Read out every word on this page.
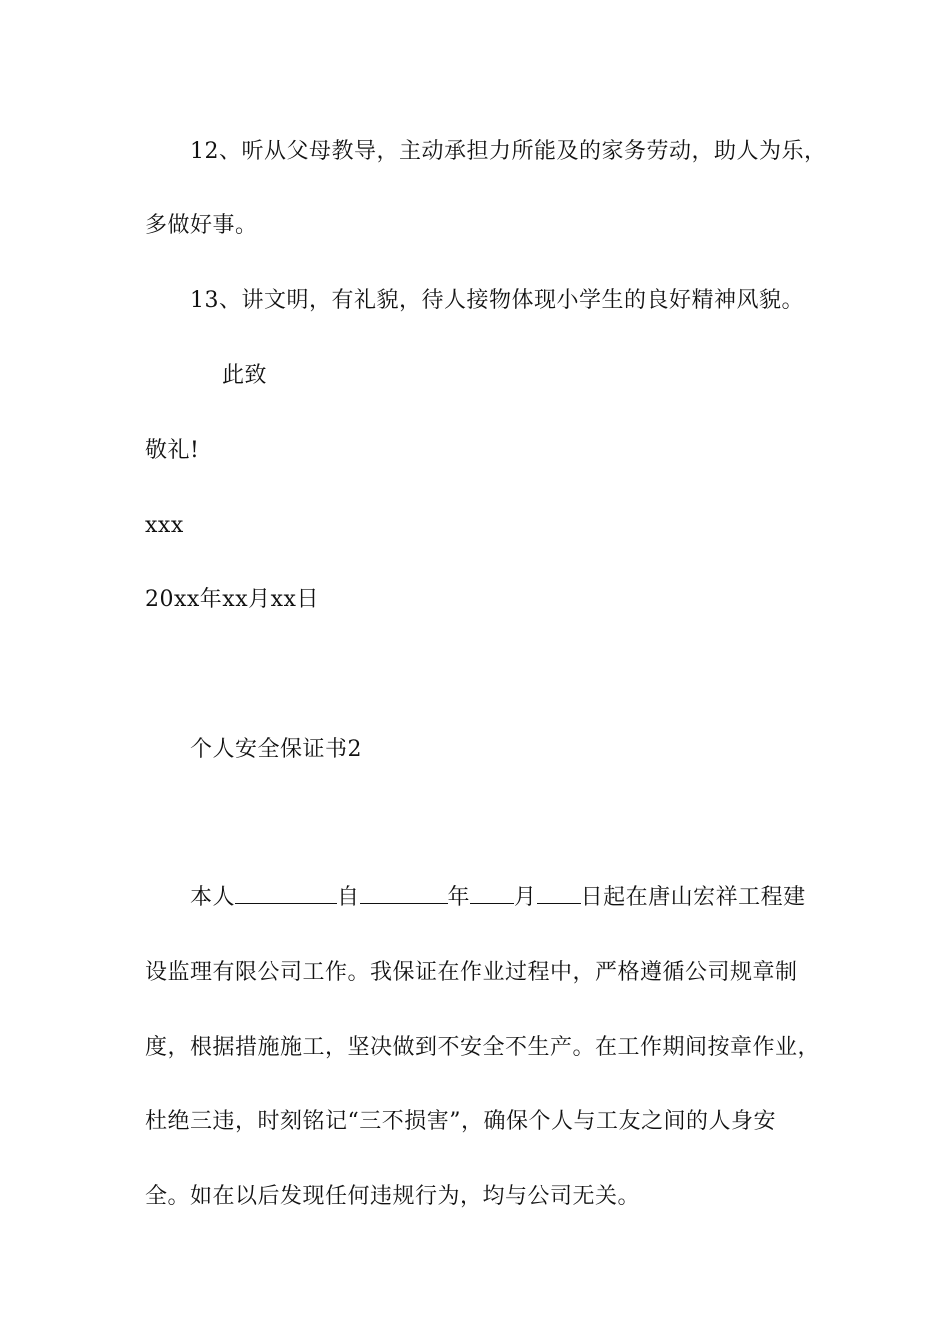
12、听从父母教导，主动承担力所能及的家务劳动，助人为乐，
多做好事。
13、讲文明，有礼貌，待人接物体现小学生的良好精神风貌。
此致
敬礼!
xxx
20xx年xx月xx日
个人安全保证书2
本人	自	年 月 日起在唐山宏祥工程建
设监理有限公司工作。我保证在作业过程中，严格遵循公司规章制
度，根据措施施工，坚决做到不安全不生产。在工作期间按章作业，
杜绝三违，时刻铭记“三不损害”，确保个人与工友之间的人身安
全。如在以后发现任何违规行为，均与公司无关。
